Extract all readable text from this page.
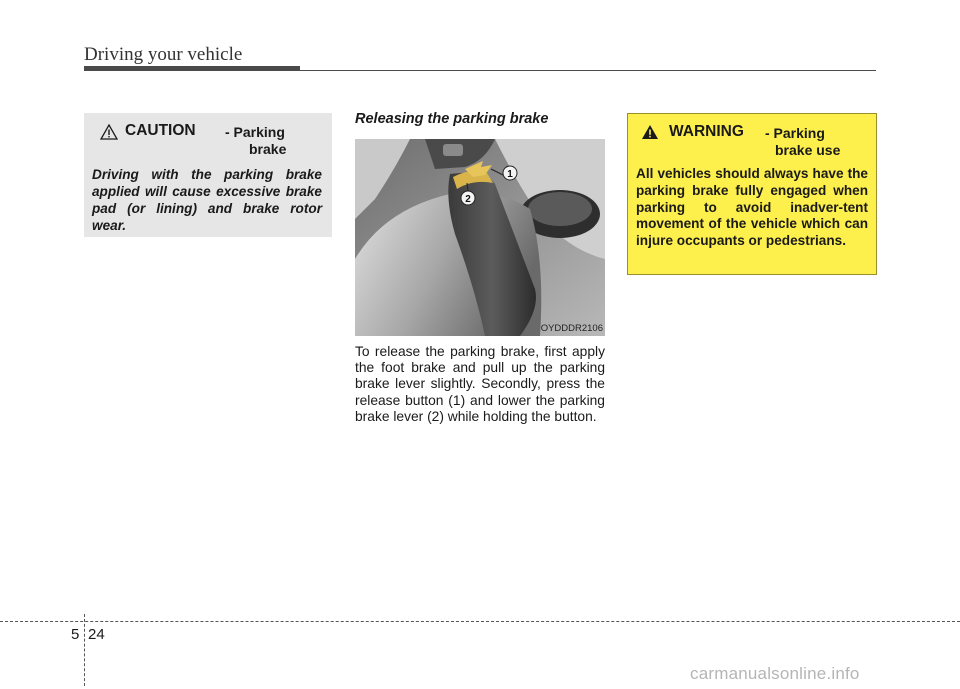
Driving your vehicle
CAUTION - Parking
brake
Driving with the parking brake applied will cause excessive brake pad (or lining) and brake rotor wear.
Releasing the parking brake
1
2
OYDDDR2106
To release the parking brake, first apply the foot brake and pull up the parking brake lever slightly. Secondly, press the release button (1) and lower the parking brake lever (2) while holding the button.
WARNING - Parking
brake use
All vehicles should always have the parking brake fully engaged when parking to avoid inadver-tent movement of the vehicle which can injure occupants or pedestrians.
5 24
carmanualsonline.info
